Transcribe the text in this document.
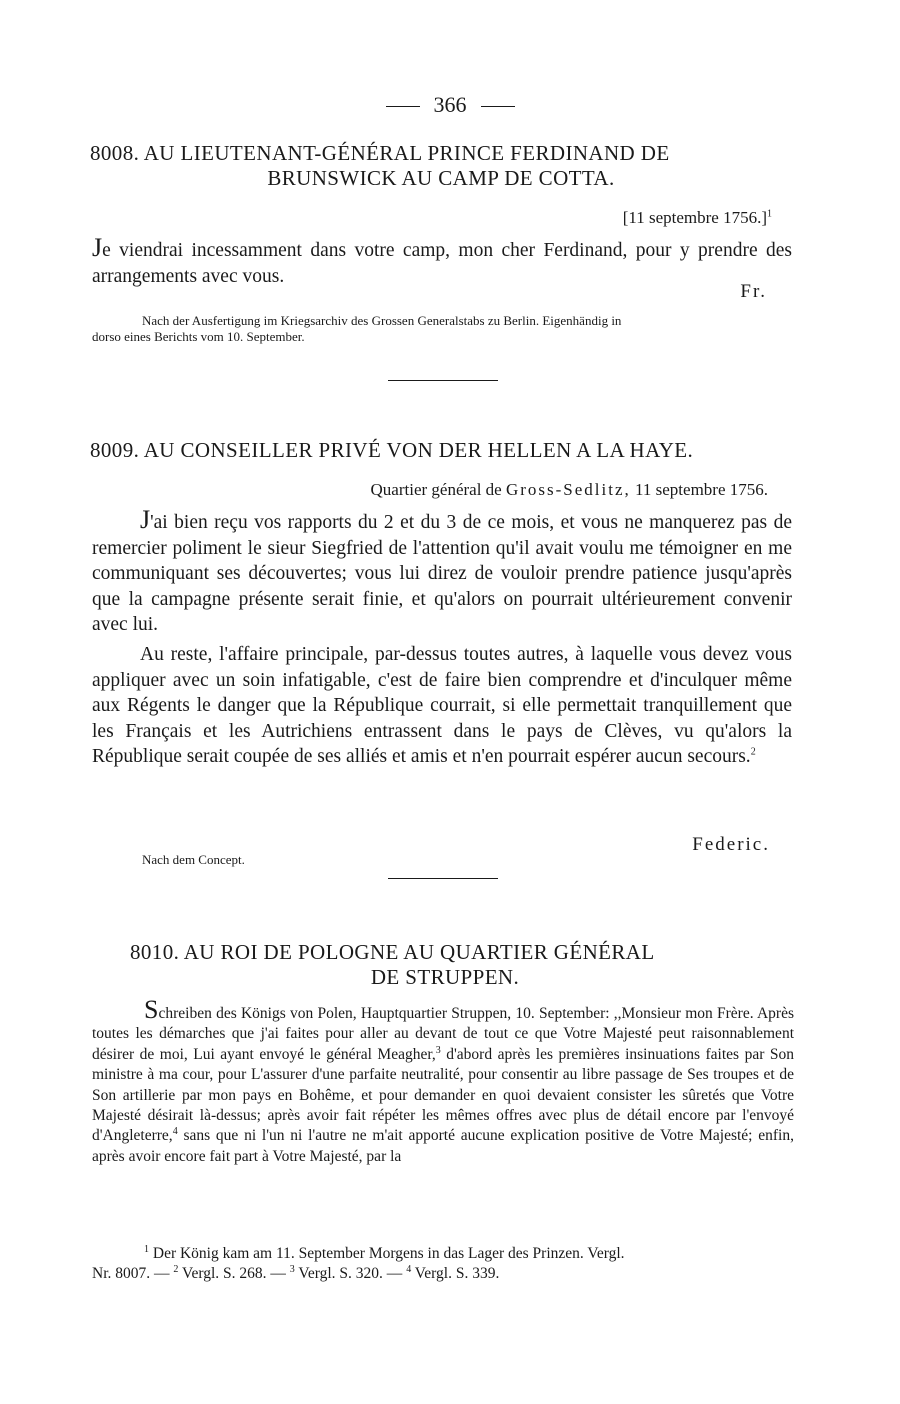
366
8008. AU LIEUTENANT-GÉNÉRAL PRINCE FERDINAND DE
BRUNSWICK AU CAMP DE COTTA.
[11 septembre 1756.]$^1$

Je viendrai incessamment dans votre camp, mon cher Ferdinand, pour y prendre des arrangements avec vous.

Fr.
Nach der Ausfertigung im Kriegsarchiv des Grossen Generalstabs zu Berlin. Eigenhändig in
dorso eines Berichts vom 10. September.
8009. AU CONSEILLER PRIVÉ VON DER HELLEN A LA HAYE.
Quartier général de Gross-Sedlitz, 11 septembre 1756.

J'ai bien reçu vos rapports du 2 et du 3 de ce mois, et vous ne manquerez pas de remercier poliment le sieur Siegfried de l'attention qu'il avait voulu me témoigner en me communiquant ses découvertes; vous lui direz de vouloir prendre patience jusqu'après que la campagne présente serait finie, et qu'alors on pourrait ultérieurement convenir avec lui.

Au reste, l'affaire principale, par-dessus toutes autres, à laquelle vous devez vous appliquer avec un soin infatigable, c'est de faire bien comprendre et d'inculquer même aux Régents le danger que la République courrait, si elle permettait tranquillement que les Français et les Autrichiens entrassent dans le pays de Clèves, vu qu'alors la République serait coupée de ses alliés et amis et n'en pourrait espérer aucun secours.$^2$

Federic.
Nach dem Concept.
8010. AU ROI DE POLOGNE AU QUARTIER GÉNÉRAL
DE STRUPPEN.

Schreiben des Königs von Polen, Hauptquartier Struppen, 10. September: ,,Monsieur mon Frère. Après toutes les démarches que j'ai faites pour aller au devant de tout ce que Votre Majesté peut raisonnablement désirer de moi, Lui ayant envoyé le général Meagher,$^3$ d'abord après les premières insinuations faites par Son ministre à ma cour, pour L'assurer d'une parfaite neutralité, pour consentir au libre passage de Ses troupes et de Son artillerie par mon pays en Bohême, et pour demander en quoi devaient consister les sûretés que Votre Majesté désirait là-dessus; après avoir fait répéter les mêmes offres avec plus de détail encore par l'envoyé d'Angleterre,$^4$ sans que ni l'un ni l'autre ne m'ait apporté aucune explication positive de Votre Majesté; enfin, après avoir encore fait part à Votre Majesté, par la

$^1$ Der König kam am 11. September Morgens in das Lager des Prinzen. Vergl.

Nr. 8007. — $^2$ Vergl. S. 268. — $^3$ Vergl. S. 320. — $^4$ Vergl. S. 339.
